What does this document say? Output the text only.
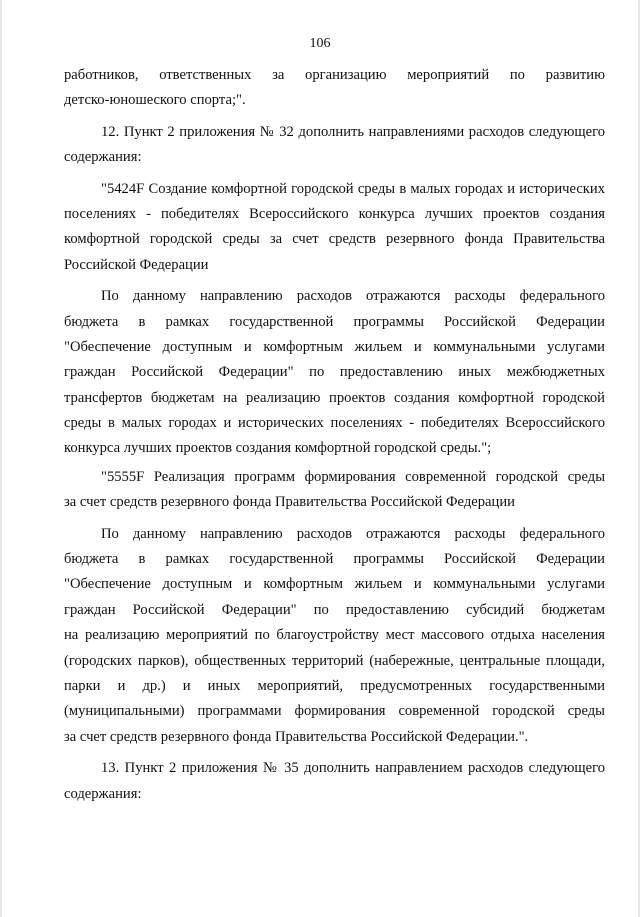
106
работников, ответственных за организацию мероприятий по развитию
детско-юношеского спорта;".
12. Пункт 2 приложения № 32 дополнить направлениями расходов следующего
содержания:
"5424F Создание комфортной городской среды в малых городах и исторических
поселениях - победителях Всероссийского конкурса лучших проектов создания
комфортной городской среды за счет средств резервного фонда Правительства
Российской Федерации
По данному направлению расходов отражаются расходы федерального
бюджета в рамках государственной программы Российской Федерации
"Обеспечение доступным и комфортным жильем и коммунальными услугами
граждан Российской Федерации" по предоставлению иных межбюджетных
трансфертов бюджетам на реализацию проектов создания комфортной городской
среды в малых городах и исторических поселениях - победителях Всероссийского
конкурса лучших проектов создания комфортной городской среды.";
"5555F Реализация программ формирования современной городской среды
за счет средств резервного фонда Правительства Российской Федерации
По данному направлению расходов отражаются расходы федерального
бюджета в рамках государственной программы Российской Федерации
"Обеспечение доступным и комфортным жильем и коммунальными услугами
граждан Российской Федерации" по предоставлению субсидий бюджетам
на реализацию мероприятий по благоустройству мест массового отдыха населения
(городских парков), общественных территорий (набережные, центральные площади,
парки и др.) и иных мероприятий, предусмотренных государственными
(муниципальными) программами формирования современной городской среды
за счет средств резервного фонда Правительства Российской Федерации.".
13. Пункт 2 приложения № 35 дополнить направлением расходов следующего
содержания:
